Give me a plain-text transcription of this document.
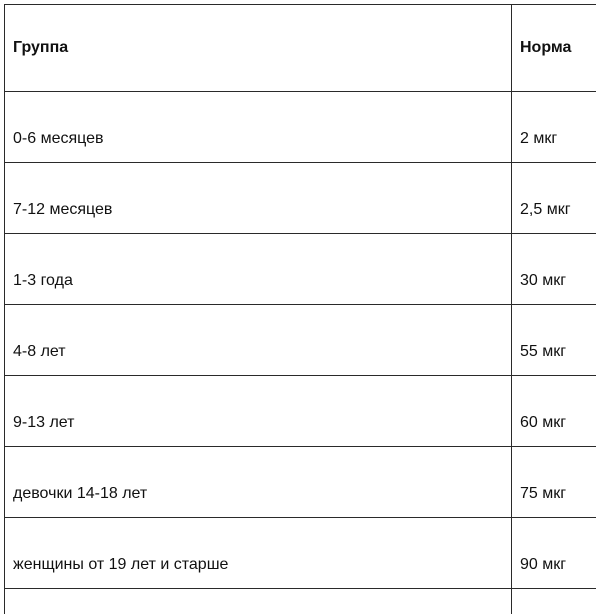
Группа	Норма
0-6 месяцев	2 мкг
7-12 месяцев	2,5 мкг
1-3 года	30 мкг
4-8 лет	55 мкг
9-13 лет	60 мкг
девочки 14-18 лет	75 мкг
женщины от 19 лет и старше	90 мкг
